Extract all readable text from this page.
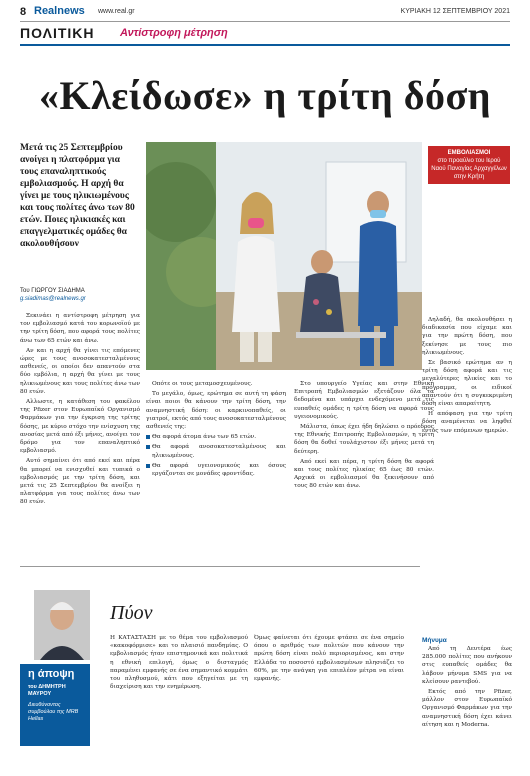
8 Realnews www.real.gr	ΚΥΡΙΑΚΗ 12 ΣΕΠΤΕΜΒΡΙΟΥ 2021
ΠΟΛΙΤΙΚΗ Αντίστροφη μέτρηση
«Κλείδωσε» η τρίτη δόση
Μετά τις 25 Σεπτεμβρίου ανοίγει η πλατφόρμα για τους επαναληπτικούς εμβολιασμούς. Η αρχή θα γίνει με τους ηλικιωμένους και τους πολίτες άνω των 80 ετών. Ποιες ηλικιακές και επαγγελματικές ομάδες θα ακολουθήσουν
Του ΓΙΩΡΓΟΥ ΣΙΑΔΗΜΑ
g.siadimas@realnews.gr

Ξεκινάει η αντίστροφη μέτρηση για τον εμβολιασμό κατά του κορωνοϊού με την τρίτη δόση, που αφορά τους πολίτες άνω των 65 ετών και άνω.

Αν και η αρχή θα γίνει τις επόμενες ώρες με τους ανοσοκατεσταλμένους ασθενείς, οι οποίοι δεν απαντούν στα δύο εμβόλια, η αρχή θα γίνει με τους ηλικιωμένους και τους πολίτες άνω των 80 ετών.

Αλλωστε, η κατάθεση του φακέλου της Pfizer στον Ευρωπαϊκό Οργανισμό Φαρμάκων για την έγκριση της τρίτης δόσης, με κύριο στόχο την ενίσχυση της ανοσίας μετά από έξι μήνες, ανοίγει τον δρόμο για τον επαναληπτικό εμβολιασμό.

Αυτό σημαίνει ότι από εκεί και πέρα θα μπορεί να ενισχυθεί και τυπικά ο εμβολιασμός με την τρίτη δόση, και μετά τις 25 Σεπτεμβρίου θα ανοίξει η πλατφόρμα για τους πολίτες άνω των 80 ετών.

ΕΜΒΟΛΙΑΣΜΟΙ
στο προαύλιο του Ιερού Ναού Παναγίας Αρχαγγέλων στην Κρήτη

Οπότε οι τους μεταμοσχευμένους.

Το μεγάλο, όμως, ερώτημα σε αυτή τη φάση είναι ποιοι θα κάνουν την τρίτη δόση, την αναμνηστική δόση: οι καρκινοπαθείς, οι γιατροί, εκτός από τους ανοσοκατεσταλμένους ασθενείς της:

Θα αφορά άτομα άνω των 65 ετών.
Θα αφορά ανοσοκατεσταλμένους και ηλικιωμένους.
Θα αφορά υγειονομικούς και όσους εργάζονται σε μονάδες φροντίδας.

Στο υπουργείο Υγείας και στην Εθνική Επιτροπή Εμβολιασμών εξετάζουν όλα τα δεδομένα και υπάρχει ενδεχόμενο μετά τις ευπαθείς ομάδες η τρίτη δόση να αφορά τους υγειονομικούς.

Μάλιστα, όπως έχει ήδη δηλώσει ο πρόεδρος της Εθνικής Επιτροπής Εμβολιασμών, η τρίτη δόση θα δοθεί τουλάχιστον έξι μήνες μετά τη δεύτερη.

Από εκεί και πέρα, η τρίτη δόση θα αφορά και τους πολίτες ηλικίας 65 έως 80 ετών. Αρχικά οι εμβολιασμοί θα ξεκινήσουν από τους 80 ετών και άνω.

Δηλαδή, θα ακολουθήσει η διαδικασία που είχαμε και για την πρώτη δόση, που ξεκίνησε με τους πιο ηλικιωμένους.

Σε βασικό ερώτημα αν η τρίτη δόση αφορά και τις μεγαλύτερες ηλικίες και το πρόγραμμα, οι ειδικοί απαντούν ότι η συγκεκριμένη δόση είναι απαραίτητη.

Η απόφαση για την τρίτη δόση αναμένεται να ληφθεί εντός των επόμενων ημερών.

Μήνυμα

Από τη Δευτέρα έως 285.000 πολίτες που ανήκουν στις ευπαθείς ομάδες θα λάβουν μήνυμα SMS για να κλείσουν ραντεβού.

Εκτός από την Pfizer, μάλλον στον Ευρωπαϊκό Οργανισμό Φαρμάκων για την αναμνηστική δόση έχει κάνει αίτηση και η Moderna.

η άποψη
του ΔΗΜΗΤΡΗ ΜΑΥΡΟΥ
Διευθύνοντος συμβούλου της MRB Hellas
Πύον
Η ΚΑΤΑΣΤΑΣΗ με το θέμα του εμβολιασμού «κακοφόρμισε» και το πλαισιό πανδημίας. Ο εμβολιασμός ήταν επιστημονικά και πολιτικά η εθνική επιλογή, όμως ο δισταγμός παραμένει εμφανής σε ένα σημαντικό κομμάτι του πληθυσμού, κάτι που εξηγείται με τη διαχείριση και την ενημέρωση.
Όμως φαίνεται ότι έχουμε φτάσει σε ένα σημείο όπου ο αριθμός των πολιτών που κάνουν την πρώτη δόση είναι πολύ περιορισμένος, και στην Ελλάδα το ποσοστό εμβολιασμένων πλησιάζει το 60%, με την ανάγκη για επιπλέον μέτρα να είναι εμφανής.
